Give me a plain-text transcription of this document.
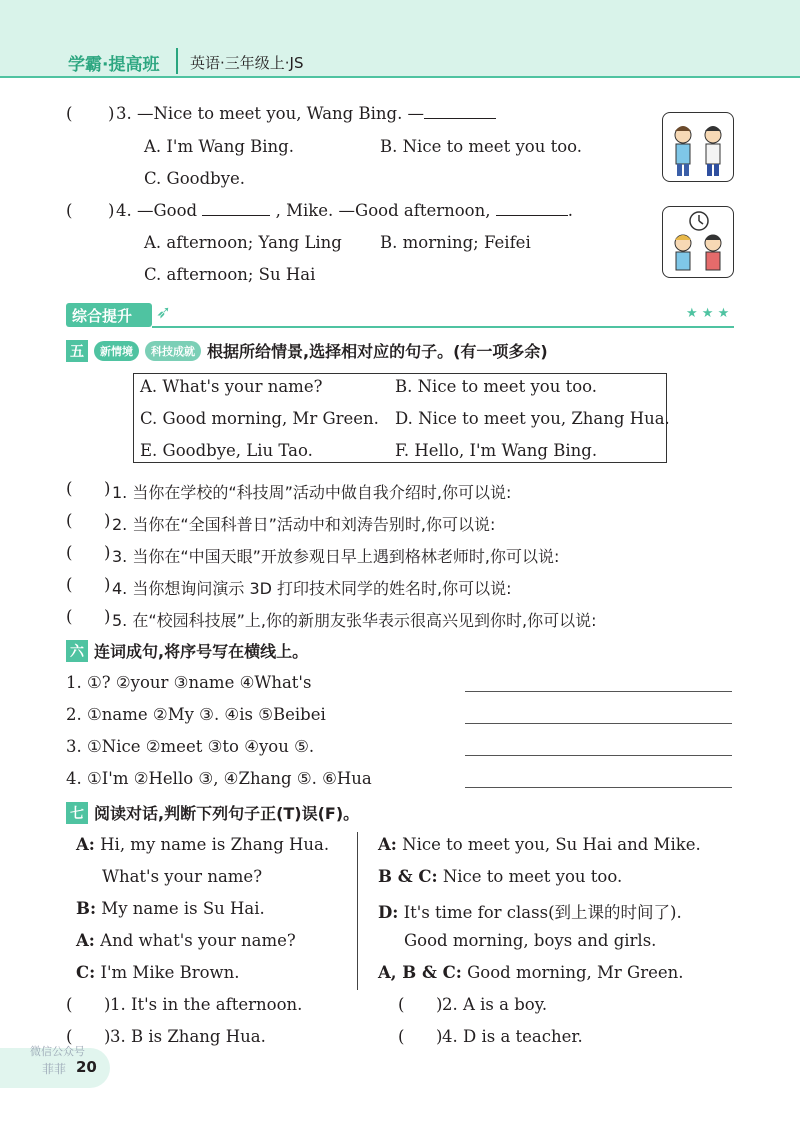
学霸·提高班 英语·三年级上·JS
( ) 3. —Nice to meet you, Wang Bing. —
A. I'm Wang Bing.	B. Nice to meet you too.
C. Goodbye.
( ) 4. —Good	, Mike. —Good afternoon,	.
A. afternoon; Yang Ling B. morning; Feifei
C. afternoon; Su Hai
综合提升 ➶	★ ★ ★
五	新情境	科技成就 根据所给情景,选择相对应的句子。(有一项多余)
A. What's your name?	B. Nice to meet you too.
C. Good morning, Mr Green. D. Nice to meet you, Zhang Hua.
E. Goodbye, Liu Tao.	F. Hello, I'm Wang Bing.
( ) 1. 当你在学校的“科技周”活动中做自我介绍时,你可以说:
( ) 2. 当你在“全国科普日”活动中和刘涛告别时,你可以说:
( ) 3. 当你在“中国天眼”开放参观日早上遇到格林老师时,你可以说:
( ) 4. 当你想询问演示 3D 打印技术同学的姓名时,你可以说:
( ) 5. 在“校园科技展”上,你的新朋友张华表示很高兴见到你时,你可以说:
六 连词成句,将序号写在横线上。
1. ①? ②your ③name ④What's
2. ①name ②My ③. ④is ⑤Beibei
3. ①Nice ②meet ③to ④you ⑤.
4. ①I'm ②Hello ③, ④Zhang ⑤. ⑥Hua
七 阅读对话,判断下列句子正(T)误(F)。
A: Hi, my name is Zhang Hua.
What's your name?
B: My name is Su Hai.
A: And what's your name?
C: I'm Mike Brown.
A: Nice to meet you, Su Hai and Mike.
B & C: Nice to meet you too.
D: It's time for class(到上课的时间了).
Good morning, boys and girls.
A, B & C: Good morning, Mr Green.
( ) 1. It's in the afternoon.	( ) 2. A is a boy.
( ) 3. B is Zhang Hua.	( ) 4. D is a teacher.
微信公众号
菲菲 20
